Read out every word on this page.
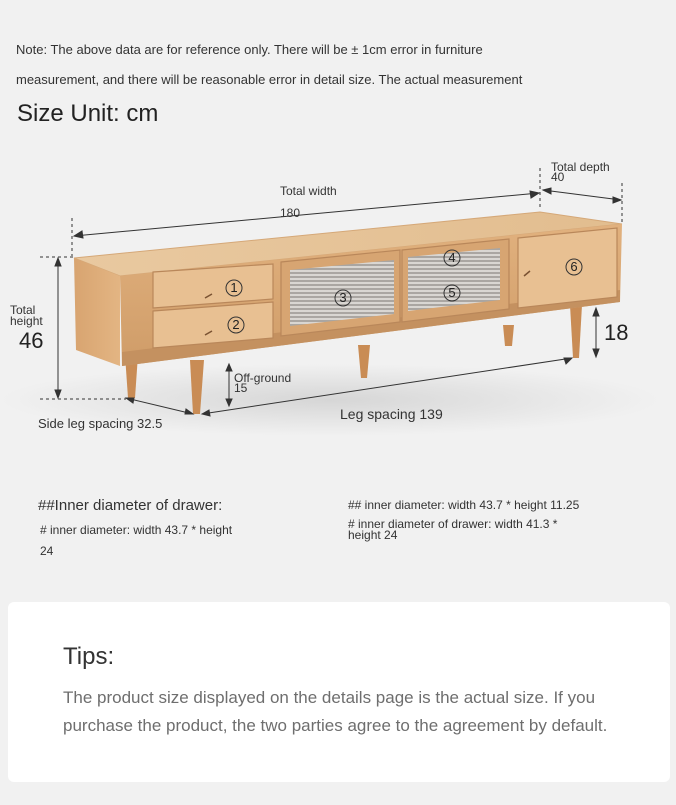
Note: The above data are for reference only. There will be ± 1cm error in furniture
measurement, and there will be reasonable error in detail size. The actual measurement
Size Unit: cm
1
2
3
4
5
6
Total depth
40
Total width
180
Total
height
46	18
Off-ground
15
Side leg spacing 32.5
Leg spacing 139
##Inner diameter of drawer:
# inner diameter: width 43.7 * height
24
## inner diameter: width 43.7 * height 11.25
# inner diameter of drawer: width 41.3 *
height 24
Tips:
The product size displayed on the details page is the actual size. If you purchase the product, the two parties agree to the agreement by default.
